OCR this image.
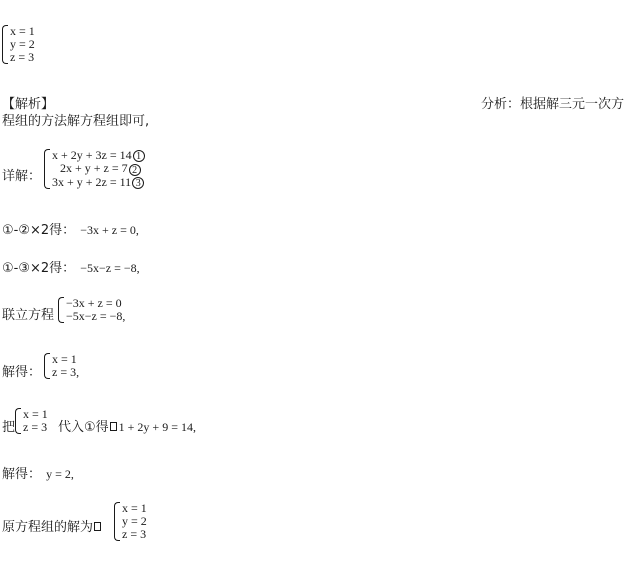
x = 1
y = 2
z = 3
【解析】	分析：根据解三元一次方
程组的方法解方程组即可,
详解：
x + 2y + 3z = 14 1
2x + y + z = 7 2
3x + y + 2z = 11 3
①-②×2得： −3x + z = 0,
①-③×2得： −5x−z = −8,
联立方程
−3x + z = 0
−5x−z = −8,
解得：
x = 1
z = 3,
把
x = 1
z = 3 代入①得 1 + 2y + 9 = 14,
解得： y = 2,
原方程组的解为
x = 1
y = 2
z = 3
